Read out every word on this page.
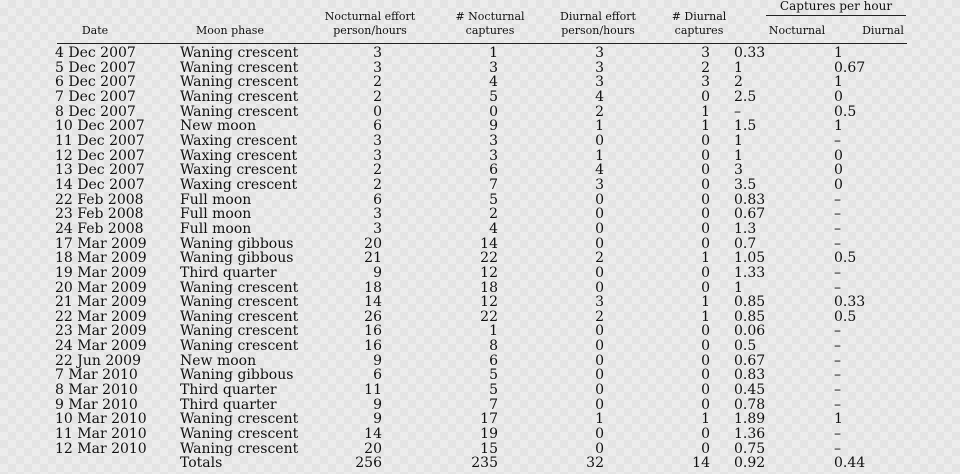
Captures per hour
Date	Moon phase
Nocturnal effort
person/hours
# Nocturnal
captures
Diurnal effort
person/hours
# Diurnal
captures	Nocturnal	Diurnal
4 Dec 2007	Waning crescent	3	1	3	3	0.33	1
5 Dec 2007	Waning crescent	3	3	3	2	1	0.67
6 Dec 2007	Waning crescent	2	4	3	3	2	1
7 Dec 2007	Waning crescent	2	5	4	0	2.5	0
8 Dec 2007	Waning crescent	0	0	2	1	–	0.5
10 Dec 2007	New moon	6	9	1	1	1.5	1
11 Dec 2007	Waxing crescent	3	3	0	0	1	–
12 Dec 2007	Waxing crescent	3	3	1	0	1	0
13 Dec 2007	Waxing crescent	2	6	4	0	3	0
14 Dec 2007	Waxing crescent	2	7	3	0	3.5	0
22 Feb 2008	Full moon	6	5	0	0	0.83	–
23 Feb 2008	Full moon	3	2	0	0	0.67	–
24 Feb 2008	Full moon	3	4	0	0	1.3	–
17 Mar 2009	Waning gibbous	20	14	0	0	0.7	–
18 Mar 2009	Waning gibbous	21	22	2	1	1.05	0.5
19 Mar 2009	Third quarter	9	12	0	0	1.33	–
20 Mar 2009	Waning crescent	18	18	0	0	1	–
21 Mar 2009	Waning crescent	14	12	3	1	0.85	0.33
22 Mar 2009	Waning crescent	26	22	2	1	0.85	0.5
23 Mar 2009	Waning crescent	16	1	0	0	0.06	–
24 Mar 2009	Waning crescent	16	8	0	0	0.5	–
22 Jun 2009	New moon	9	6	0	0	0.67	–
7 Mar 2010	Waning gibbous	6	5	0	0	0.83	–
8 Mar 2010	Third quarter	11	5	0	0	0.45	–
9 Mar 2010	Third quarter	9	7	0	0	0.78	–
10 Mar 2010	Waning crescent	9	17	1	1	1.89	1
11 Mar 2010	Waning crescent	14	19	0	0	1.36	–
12 Mar 2010	Waning crescent	20	15	0	0	0.75	–
	Totals	256	235	32	14	0.92	0.44
